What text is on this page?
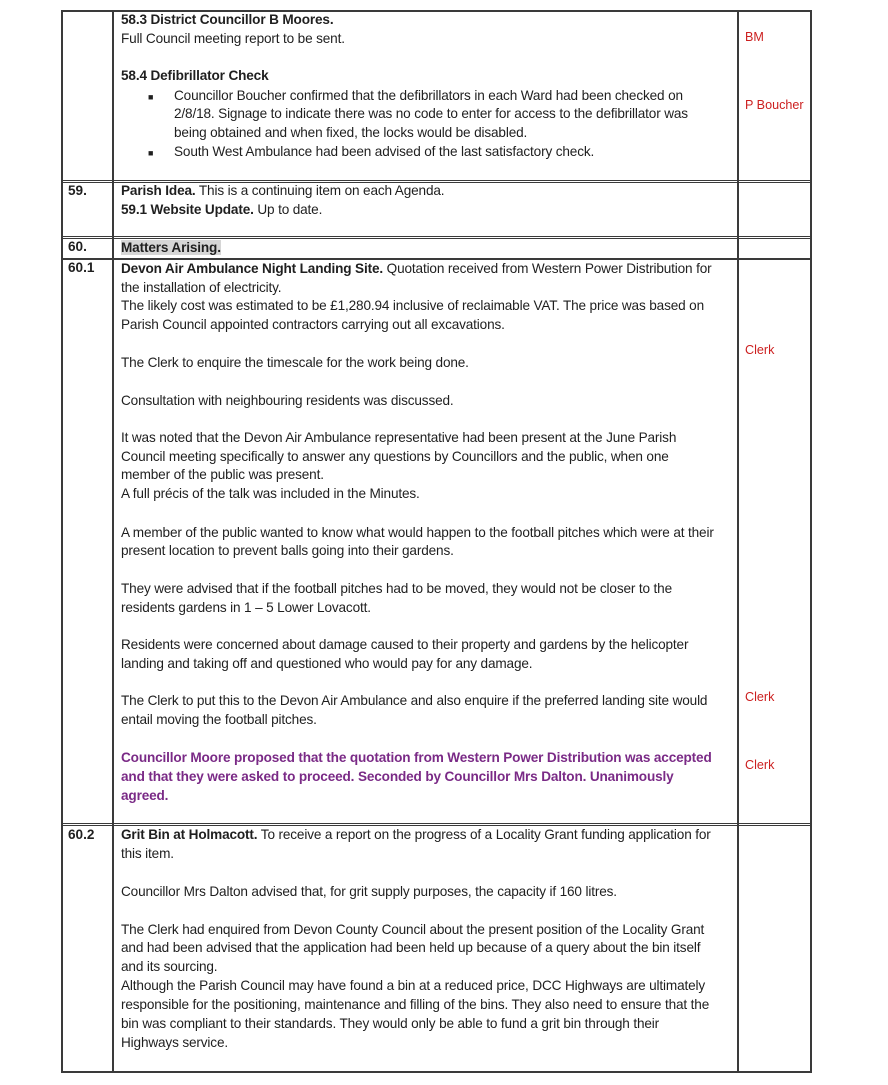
58.3 District Councillor B Moores.
Full Council meeting report to be sent.
58.4 Defibrillator Check
■ Councillor Boucher confirmed that the defibrillators in each Ward had been checked on
2/8/18. Signage to indicate there was no code to enter for access to the defibrillator was
being obtained and when fixed, the locks would be disabled.
■ South West Ambulance had been advised of the last satisfactory check.
BM
P Boucher
59.	Parish Idea. This is a continuing item on each Agenda.
59.1 Website Update. Up to date.
60.	Matters Arising.
60.1 Devon Air Ambulance Night Landing Site. Quotation received from Western Power Distribution for
the installation of electricity.
The likely cost was estimated to be £1,280.94 inclusive of reclaimable VAT. The price was based on
Parish Council appointed contractors carrying out all excavations.
The Clerk to enquire the timescale for the work being done.
Consultation with neighbouring residents was discussed.
It was noted that the Devon Air Ambulance representative had been present at the June Parish
Council meeting specifically to answer any questions by Councillors and the public, when one
member of the public was present.
A full précis of the talk was included in the Minutes.
A member of the public wanted to know what would happen to the football pitches which were at their
present location to prevent balls going into their gardens.
They were advised that if the football pitches had to be moved, they would not be closer to the
residents gardens in 1 – 5 Lower Lovacott.
Residents were concerned about damage caused to their property and gardens by the helicopter
landing and taking off and questioned who would pay for any damage.
The Clerk to put this to the Devon Air Ambulance and also enquire if the preferred landing site would
entail moving the football pitches.
Councillor Moore proposed that the quotation from Western Power Distribution was accepted
and that they were asked to proceed. Seconded by Councillor Mrs Dalton. Unanimously
agreed.
Clerk
Clerk
Clerk
60.2 Grit Bin at Holmacott. To receive a report on the progress of a Locality Grant funding application for
this item.
Councillor Mrs Dalton advised that, for grit supply purposes, the capacity if 160 litres.
The Clerk had enquired from Devon County Council about the present position of the Locality Grant
and had been advised that the application had been held up because of a query about the bin itself
and its sourcing.
Although the Parish Council may have found a bin at a reduced price, DCC Highways are ultimately
responsible for the positioning, maintenance and filling of the bins. They also need to ensure that the
bin was compliant to their standards. They would only be able to fund a grit bin through their
Highways service.
